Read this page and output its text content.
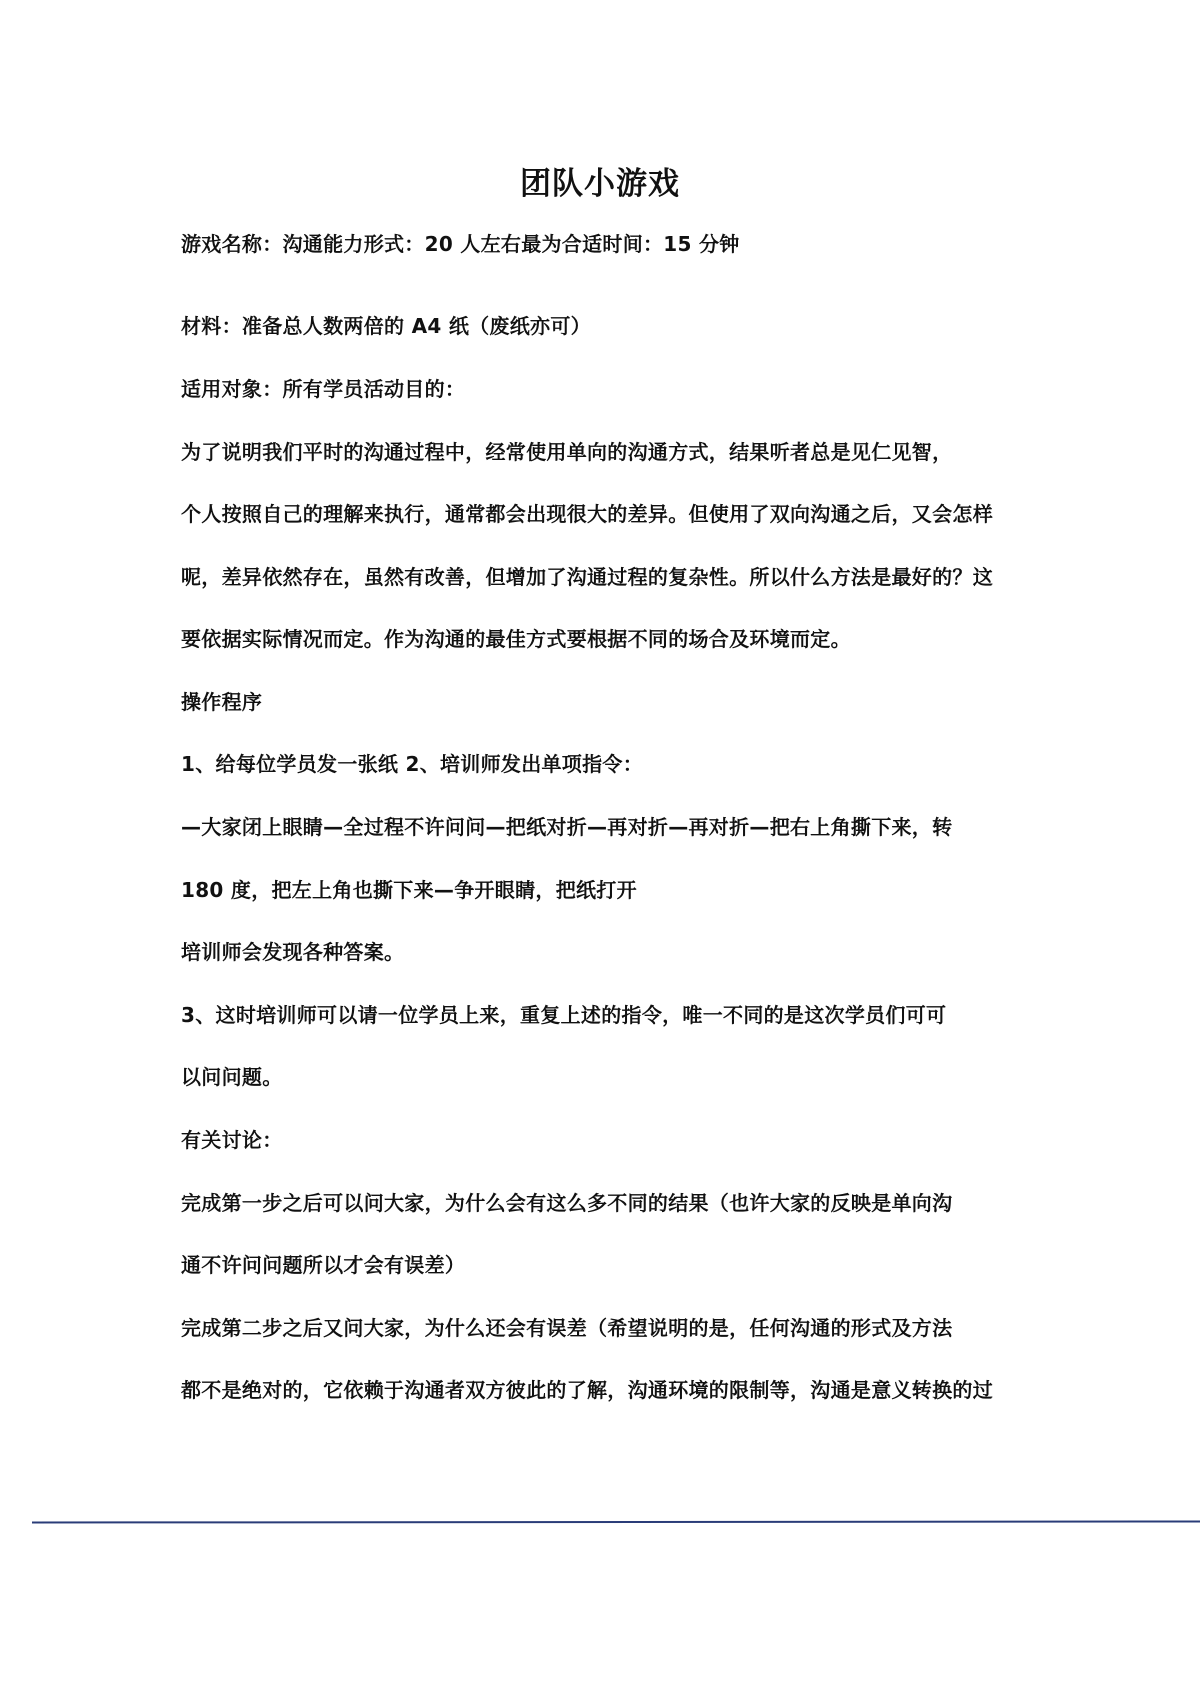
团队小游戏
游戏名称：沟通能力形式：20 人左右最为合适时间：15 分钟
材料：准备总人数两倍的 A4 纸（废纸亦可）
适用对象：所有学员活动目的：
为了说明我们平时的沟通过程中，经常使用单向的沟通方式，结果听者总是见仁见智，
个人按照自己的理解来执行，通常都会出现很大的差异。但使用了双向沟通之后，又会怎样
呢，差异依然存在，虽然有改善，但增加了沟通过程的复杂性。所以什么方法是最好的？这
要依据实际情况而定。作为沟通的最佳方式要根据不同的场合及环境而定。
操作程序
1、给每位学员发一张纸 2、培训师发出单项指令：
—大家闭上眼睛—全过程不许问问—把纸对折—再对折—再对折—把右上角撕下来，转
180 度，把左上角也撕下来—争开眼睛，把纸打开
培训师会发现各种答案。
3、这时培训师可以请一位学员上来，重复上述的指令，唯一不同的是这次学员们可可
以问问题。
有关讨论：
完成第一步之后可以问大家，为什么会有这么多不同的结果（也许大家的反映是单向沟
通不许问问题所以才会有误差）
完成第二步之后又问大家，为什么还会有误差（希望说明的是，任何沟通的形式及方法
都不是绝对的，它依赖于沟通者双方彼此的了解，沟通环境的限制等，沟通是意义转换的过
